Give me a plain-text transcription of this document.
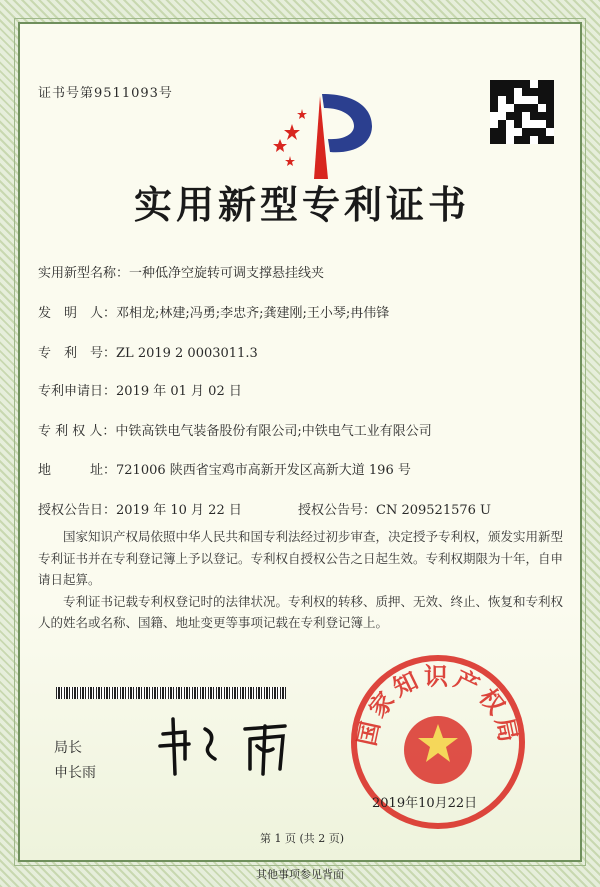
证书号第9511093号
实用新型专利证书
实用新型名称：一种低净空旋转可调支撑悬挂线夹
发　明　人：邓相龙;林建;冯勇;李忠齐;龚建刚;王小琴;冉伟锋
专　利　号：ZL 2019 2 0003011.3
专利申请日：2019 年 01 月 02 日
专 利 权 人：中铁高铁电气装备股份有限公司;中铁电气工业有限公司
地　　　址：721006 陕西省宝鸡市高新开发区高新大道 196 号
授权公告日：2019 年 10 月 22 日	授权公告号：CN 209521576 U

国家知识产权局依照中华人民共和国专利法经过初步审查，决定授予专利权，颁发实用新型专利证书并在专利登记簿上予以登记。专利权自授权公告之日起生效。专利权期限为十年，自申请日起算。

专利证书记载专利权登记时的法律状况。专利权的转移、质押、无效、终止、恢复和专利权人的姓名或名称、国籍、地址变更等事项记载在专利登记簿上。

局长
申长雨
国家知识产权局
2019年10月22日
第 1 页 (共 2 页)
其他事项参见背面
